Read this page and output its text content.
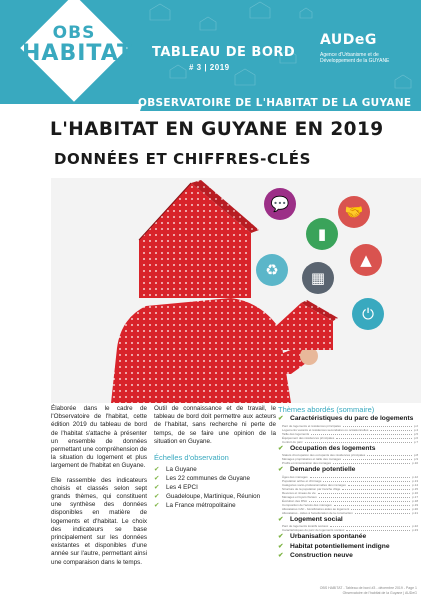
OBS
HABITAT TABLEAU DE BORD
# 3 | 2019
AUDeG
Agence d'Urbanisme et de Développement de la GUYANE
OBSERVATOIRE DE L'HABITAT DE LA GUYANE
L'HABITAT EN GUYANE EN 2019
DONNÉES ET CHIFFRES-CLÉS
💬
▮
🤝
♻ ▦
▲
⏻

Élaborée dans le cadre de l'Observatoire de l'habitat, cette édition 2019 du tableau de bord de l'habitat s'attache à présenter un ensemble de données permettant une compréhension de la situation du logement et plus largement de l'habitat en Guyane.

Elle rassemble des indicateurs choisis et classés selon sept grands thèmes, qui constituent une synthèse des données disponibles en matière de logements et d'habitat. Le choix des indicateurs se base principalement sur les données existantes et disponibles d'une année sur l'autre, permettant ainsi une comparaison dans le temps.

Outil de connaissance et de travail, le tableau de bord doit permettre aux acteurs de l'habitat, sans recherche ni perte de temps, de se faire une opinion de la situation en Guyane.

Échelles d'observation
✔ La Guyane
✔ Les 22 communes de Guyane
✔ Les 4 EPCI
✔ Guadeloupe, Martinique, Réunion
✔ La France métropolitaine
Thèmes abordés (sommaire)
✔ Caractéristiques du parc de logements
Parc de logements et résidences principales	p.2
Logements vacants et résidences secondaires ou occasionnelles	p.4
Taille des logements	p.5
Équipement des résidences principales	p.6
Confort du parc	p.7
✔ Occupation des logements
Statuts d'occupation des occupants des résidences principales	p.8
Ménages propriétaires et taille des ménages	p.9
Profils et rémunération des ménages	p.10
✔ Demande potentielle
Âges des ménages	p.12
Population active et chômage	p.13
Catégories socio-professionnelles des ménages	p.14
Structure de la population par tranche d'âge	p.15
Revenus et niveau de vie	p.16
Ménages et foyers fiscaux	p.17
Évolution des RSA	p.18
Composition de l'accès des ménages	p.19
Allocataires CAF - bénéficiaires aides au logement	p.20
Allocataires - Aides à l'amélioration de la construction	p.21
✔ Logement social
Parc de logements locatifs sociaux	p.22
Caractéristiques du parc de logements sociaux	p.23
✔ Urbanisation spontanée
✔ Habitat potentiellement indigne
✔ Construction neuve
OBS HABITAT - Tableau de bord #3 - décembre 2019 - Page 1
Observatoire de l'habitat de la Guyane | AUDeG
